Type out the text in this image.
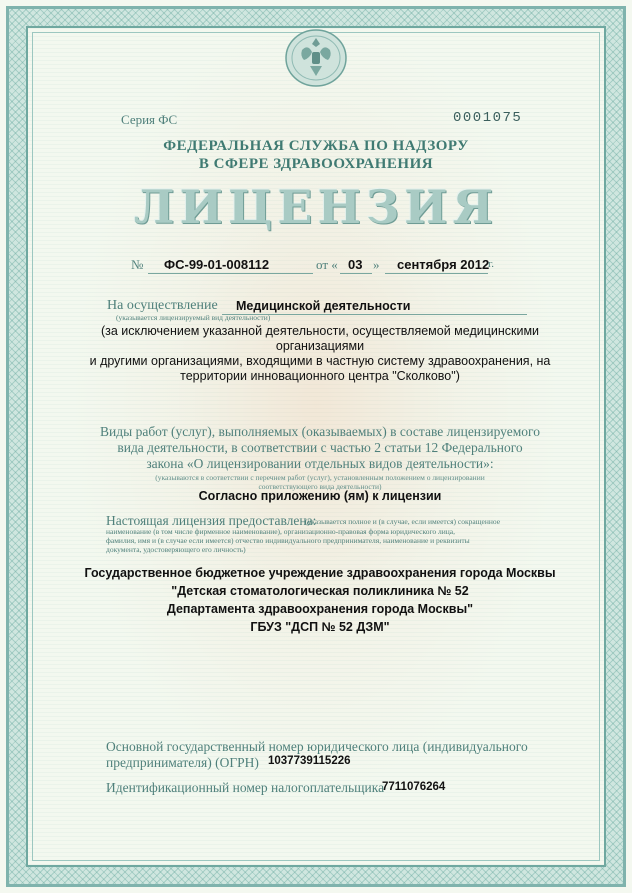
Серия ФС	0001075
ФЕДЕРАЛЬНАЯ СЛУЖБА ПО НАДЗОРУ
В СФЕРЕ ЗДРАВООХРАНЕНИЯ
ЛИЦЕНЗИЯ
№ ФС-99-01-008112	от « 03 » сентября 2012
г.
На осуществление Медицинской деятельности
(указывается лицензируемый вид деятельности)
(за исключением указанной деятельности, осуществляемой медицинскими организациями
и другими организациями, входящими в частную систему здравоохранения, на
территории инновационного центра "Сколково")
Виды работ (услуг), выполняемых (оказываемых) в составе лицензируемого
вида деятельности, в соответствии с частью 2 статьи 12 Федерального
закона «О лицензировании отдельных видов деятельности»:
(указываются в соответствии с перечнем работ (услуг), установленным положением о лицензировании
соответствующего вида деятельности)
Согласно приложению (ям) к лицензии
Настоящая лицензия предоставлена:
(указывается полное и (в случае, если имеется) сокращенное
наименование (в том числе фирменное наименование), организационно-правовая форма юридического лица,
фамилия, имя и (в случае если имеется) отчество индивидуального предпринимателя, наименование и реквизиты
документа, удостоверяющего его личность)
Государственное бюджетное учреждение здравоохранения города Москвы
"Детская стоматологическая поликлиника № 52
Департамента здравоохранения города Москвы"
ГБУЗ "ДСП № 52 ДЗМ"
Основной государственный номер юридического лица (индивидуального
предпринимателя) (ОГРН) 1037739115226
Идентификационный номер налогоплательщика
7711076264
